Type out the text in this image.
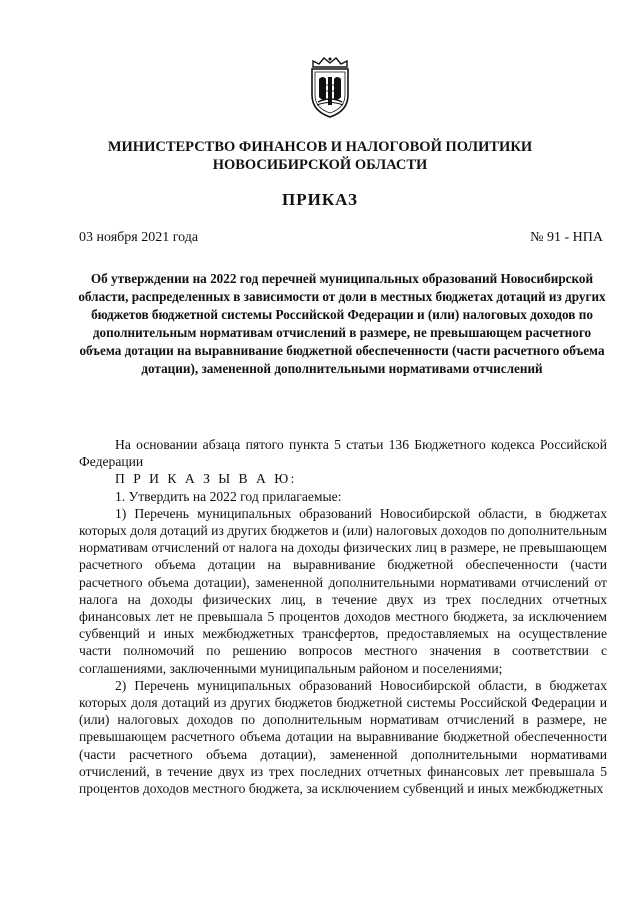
МИНИСТЕРСТВО ФИНАНСОВ И НАЛОГОВОЙ ПОЛИТИКИ
НОВОСИБИРСКОЙ ОБЛАСТИ
ПРИКАЗ
03 ноября 2021 года	№ 91 - НПА
Об утверждении на 2022 год перечней муниципальных образований Новосибирской области, распределенных в зависимости от доли в местных бюджетах дотаций из других бюджетов бюджетной системы Российской Федерации и (или) налоговых доходов по дополнительным нормативам отчислений в размере, не превышающем расчетного объема дотации на выравнивание бюджетной обеспеченности (части расчетного объема дотации), замененной дополнительными нормативами отчислений

На основании абзаца пятого пункта 5 статьи 136 Бюджетного кодекса Российской Федерации

П Р И К А З Ы В А Ю:

1. Утвердить на 2022 год прилагаемые:

1) Перечень муниципальных образований Новосибирской области, в бюджетах которых доля дотаций из других бюджетов и (или) налоговых доходов по дополнительным нормативам отчислений от налога на доходы физических лиц в размере, не превышающем расчетного объема дотации на выравнивание бюджетной обеспеченности (части расчетного объема дотации), замененной дополнительными нормативами отчислений от налога на доходы физических лиц, в течение двух из трех последних отчетных финансовых лет не превышала 5 процентов доходов местного бюджета, за исключением субвенций и иных межбюджетных трансфертов, предоставляемых на осуществление части полномочий по решению вопросов местного значения в соответствии с соглашениями, заключенными муниципальным районом и поселениями;

2) Перечень муниципальных образований Новосибирской области, в бюджетах которых доля дотаций из других бюджетов бюджетной системы Российской Федерации и (или) налоговых доходов по дополнительным нормативам отчислений в размере, не превышающем расчетного объема дотации на выравнивание бюджетной обеспеченности (части расчетного объема дотации), замененной дополнительными нормативами отчислений, в течение двух из трех последних отчетных финансовых лет превышала 5 процентов доходов местного бюджета, за исключением субвенций и иных межбюджетных
